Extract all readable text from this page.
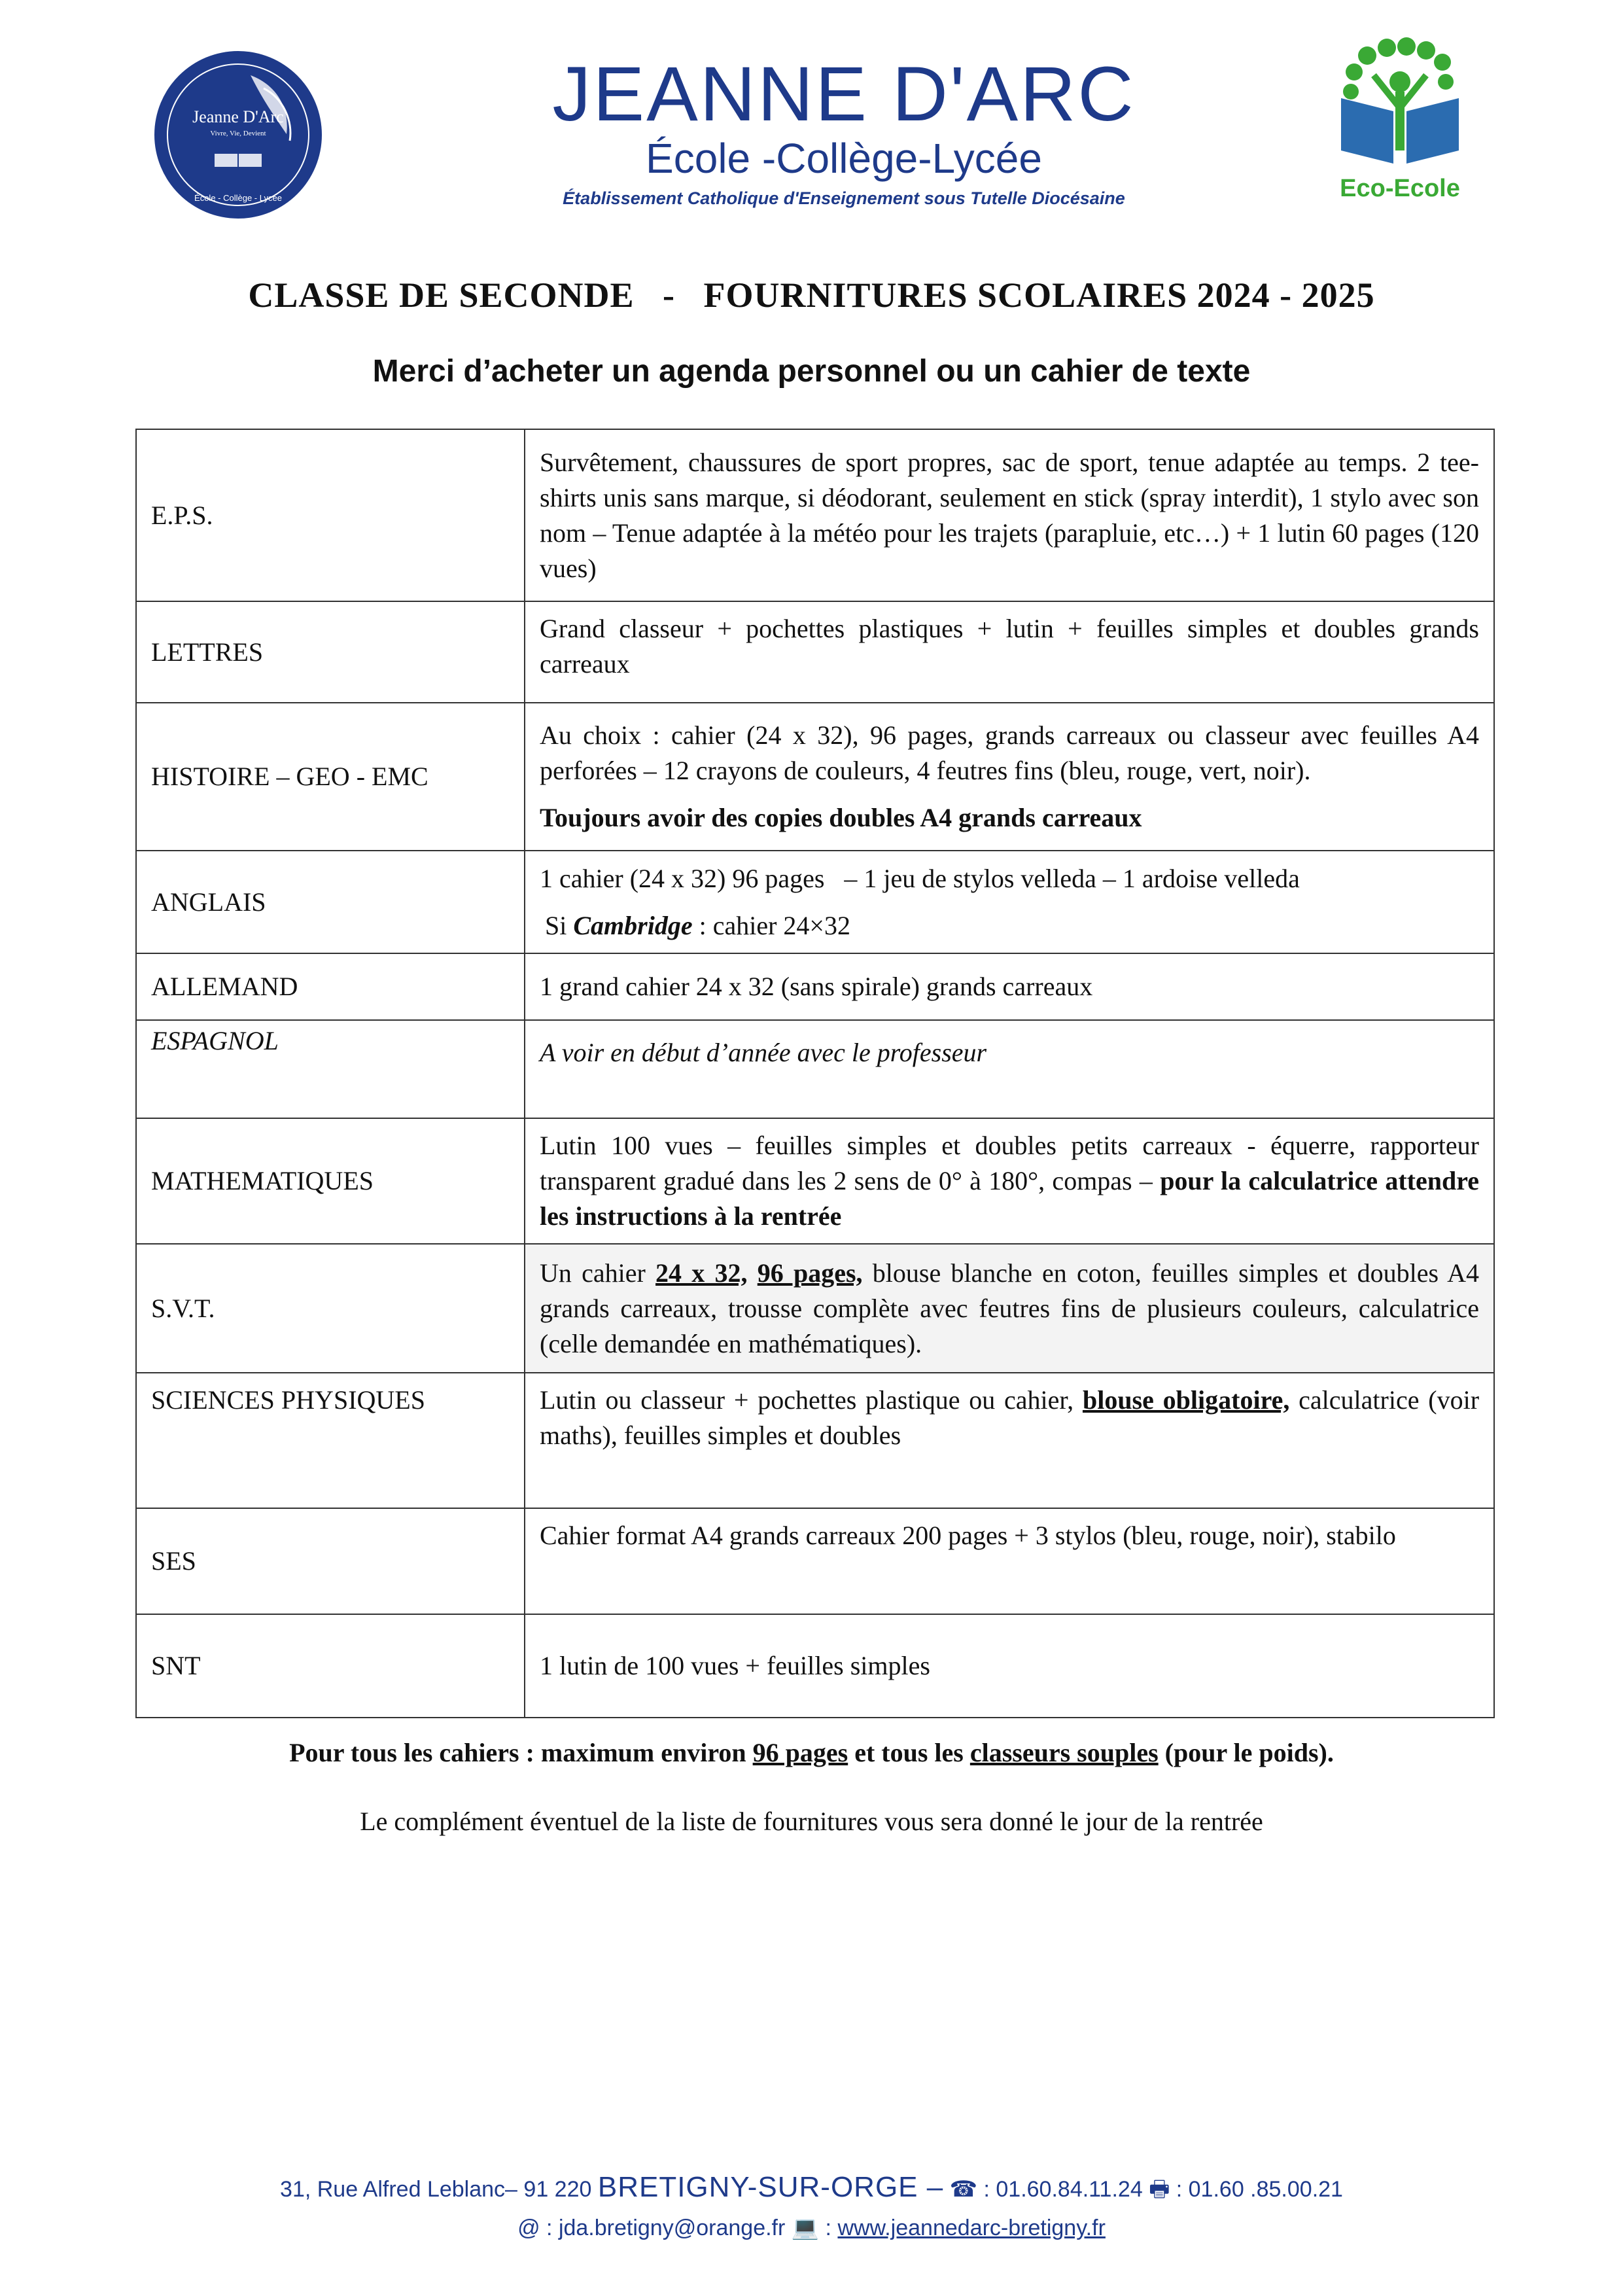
Jeanne D'Arc
Vivre, Vie, Devient
École - Collège - Lycée
JEANNE D'ARC
École -Collège-Lycée
Établissement Catholique d'Enseignement sous Tutelle Diocésaine	Eco-Ecole
CLASSE DE SECONDE   -   FOURNITURES SCOLAIRES 2024 - 2025
Merci d’acheter un agenda personnel ou un cahier de texte
E.P.S.	Survêtement, chaussures de sport propres, sac de sport, tenue adaptée au temps. 2 tee-shirts unis sans marque, si déodorant, seulement en stick (spray interdit), 1 stylo avec son nom – Tenue adaptée à la météo pour les trajets (parapluie, etc…) + 1 lutin 60 pages (120 vues)
LETTRES	Grand classeur + pochettes plastiques + lutin + feuilles simples et doubles grands carreaux
HISTOIRE – GEO - EMC	Au choix : cahier (24 x 32), 96 pages, grands carreaux ou classeur avec feuilles A4 perforées – 12 crayons de couleurs, 4 feutres fins (bleu, rouge, vert, noir).

Toujours avoir des copies doubles A4 grands carreaux

ANGLAIS	1 cahier (24 x 32) 96 pages   – 1 jeu de stylos velleda – 1 ardoise velleda

Si Cambridge : cahier 24×32

ALLEMAND	1 grand cahier 24 x 32 (sans spirale) grands carreaux
ESPAGNOL	A voir en début d’année avec le professeur
MATHEMATIQUES	Lutin 100 vues – feuilles simples et doubles petits carreaux - équerre, rapporteur transparent gradué dans les 2 sens de 0° à 180°, compas – pour la calculatrice attendre les instructions à la rentrée
S.V.T.	Un cahier 24 x 32, 96 pages, blouse blanche en coton, feuilles simples et doubles A4 grands carreaux, trousse complète avec feutres fins de plusieurs couleurs, calculatrice (celle demandée en mathématiques).
SCIENCES PHYSIQUES	Lutin ou classeur + pochettes plastique ou cahier, blouse obligatoire, calculatrice (voir maths), feuilles simples et doubles
SES	Cahier format A4 grands carreaux 200 pages + 3 stylos (bleu, rouge, noir), stabilo
SNT	1 lutin de 100 vues + feuilles simples
Pour tous les cahiers : maximum environ 96 pages et tous les classeurs souples (pour le poids).
Le complément éventuel de la liste de fournitures vous sera donné le jour de la rentrée
31, Rue Alfred Leblanc– 91 220 BRETIGNY-SUR-ORGE – ☎ : 01.60.84.11.24 🖶 : 01.60 .85.00.21
@ : jda.bretigny@orange.fr 💻 : www.jeannedarc-bretigny.fr
